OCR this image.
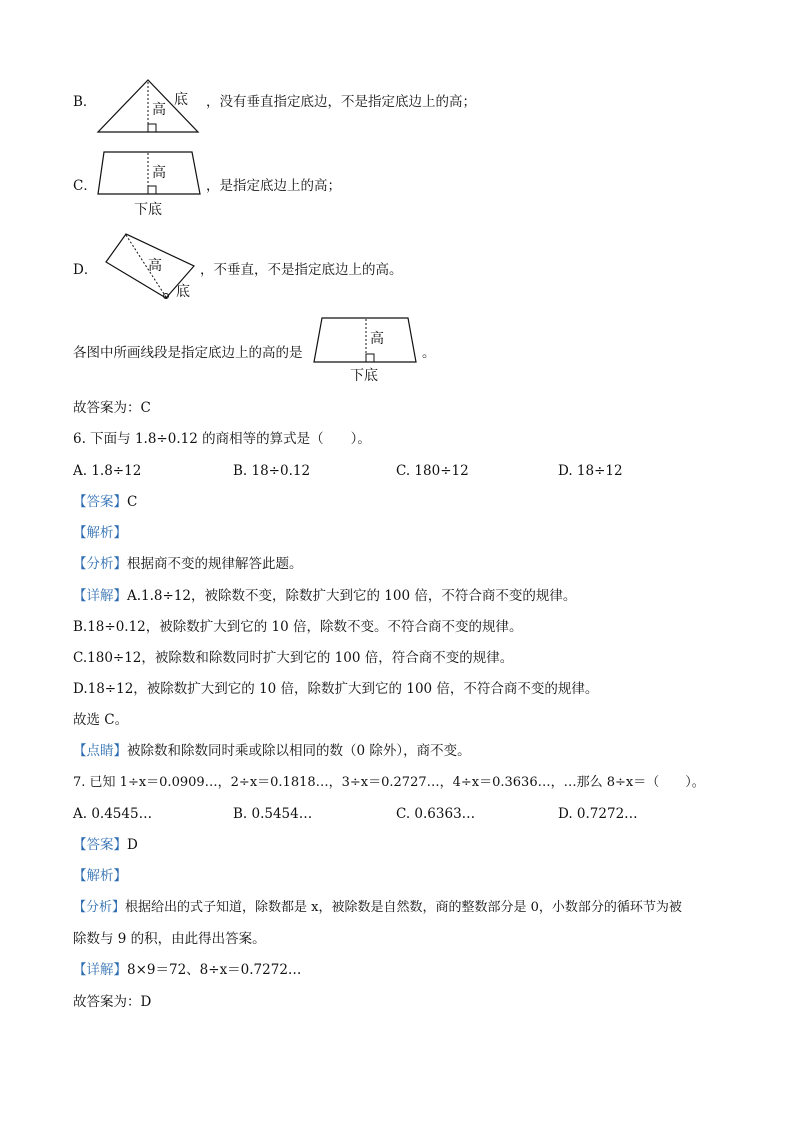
B．	高
底 ，没有垂直指定底边，不是指定底边上的高；
C．
高
下底
，是指定底边上的高；
D．	高
底
，不垂直，不是指定底边上的高。
各图中所画线段是指定底边上的高的是
高
下底
。
故答案为：C
6. 下面与 1.8÷0.12 的商相等的算式是（　　）。
A. 1.8÷12	B. 18÷0.12	C. 180÷12	D. 18÷12
【答案】C
【解析】
【分析】根据商不变的规律解答此题。
【详解】A.1.8÷12，被除数不变，除数扩大到它的 100 倍，不符合商不变的规律。
B.18÷0.12，被除数扩大到它的 10 倍，除数不变。不符合商不变的规律。
C.180÷12，被除数和除数同时扩大到它的 100 倍，符合商不变的规律。
D.18÷12，被除数扩大到它的 10 倍，除数扩大到它的 100 倍，不符合商不变的规律。
故选 C。
【点睛】被除数和除数同时乘或除以相同的数（0 除外），商不变。
7. 已知 1÷x＝0.0909…，2÷x＝0.1818…，3÷x＝0.2727…，4÷x＝0.3636…，…那么 8÷x＝（　　）。
A. 0.4545…	B. 0.5454…	C. 0.6363…	D. 0.7272…
【答案】D
【解析】
【分析】根据给出的式子知道，除数都是 x，被除数是自然数，商的整数部分是 0，小数部分的循环节为被
除数与 9 的积，由此得出答案。
【详解】8×9＝72、8÷x＝0.7272…
故答案为：D
